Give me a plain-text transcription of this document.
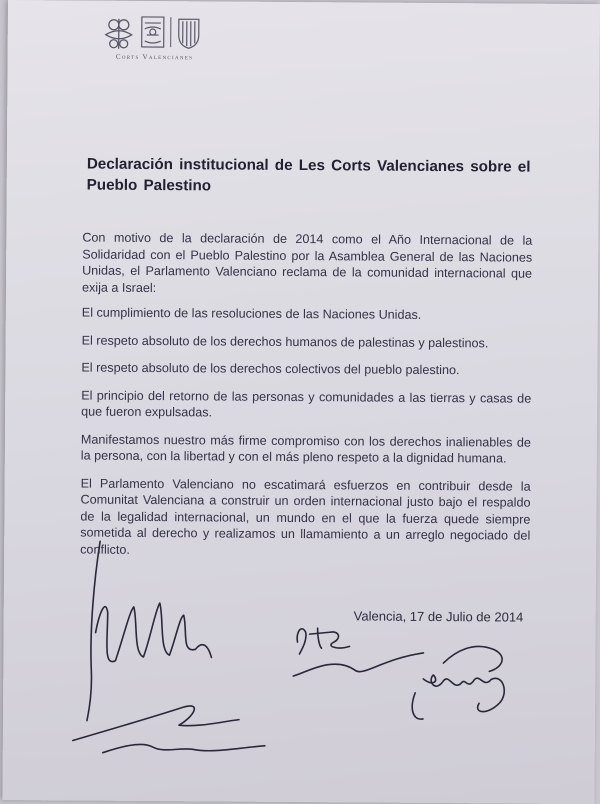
Corts Valencianes
Declaración institucional de Les Corts Valencianes sobre el Pueblo Palestino

Con motivo de la declaración de 2014 como el Año Internacional de la Solidaridad con el Pueblo Palestino por la Asamblea General de las Naciones Unidas, el Parlamento Valenciano reclama de la comunidad internacional que exija a Israel:

El cumplimiento de las resoluciones de las Naciones Unidas.

El respeto absoluto de los derechos humanos de palestinas y palestinos.

El respeto absoluto de los derechos colectivos del pueblo palestino.

El principio del retorno de las personas y comunidades a las tierras y casas de que fueron expulsadas.

Manifestamos nuestro más firme compromiso con los derechos inalienables de la persona, con la libertad y con el más pleno respeto a la dignidad humana.

El Parlamento Valenciano no escatimará esfuerzos en contribuir desde la Comunitat Valenciana a construir un orden internacional justo bajo el respaldo de la legalidad internacional, un mundo en el que la fuerza quede siempre sometida al derecho y realizamos un llamamiento a un arreglo negociado del conflicto.

Valencia, 17 de Julio de 2014
